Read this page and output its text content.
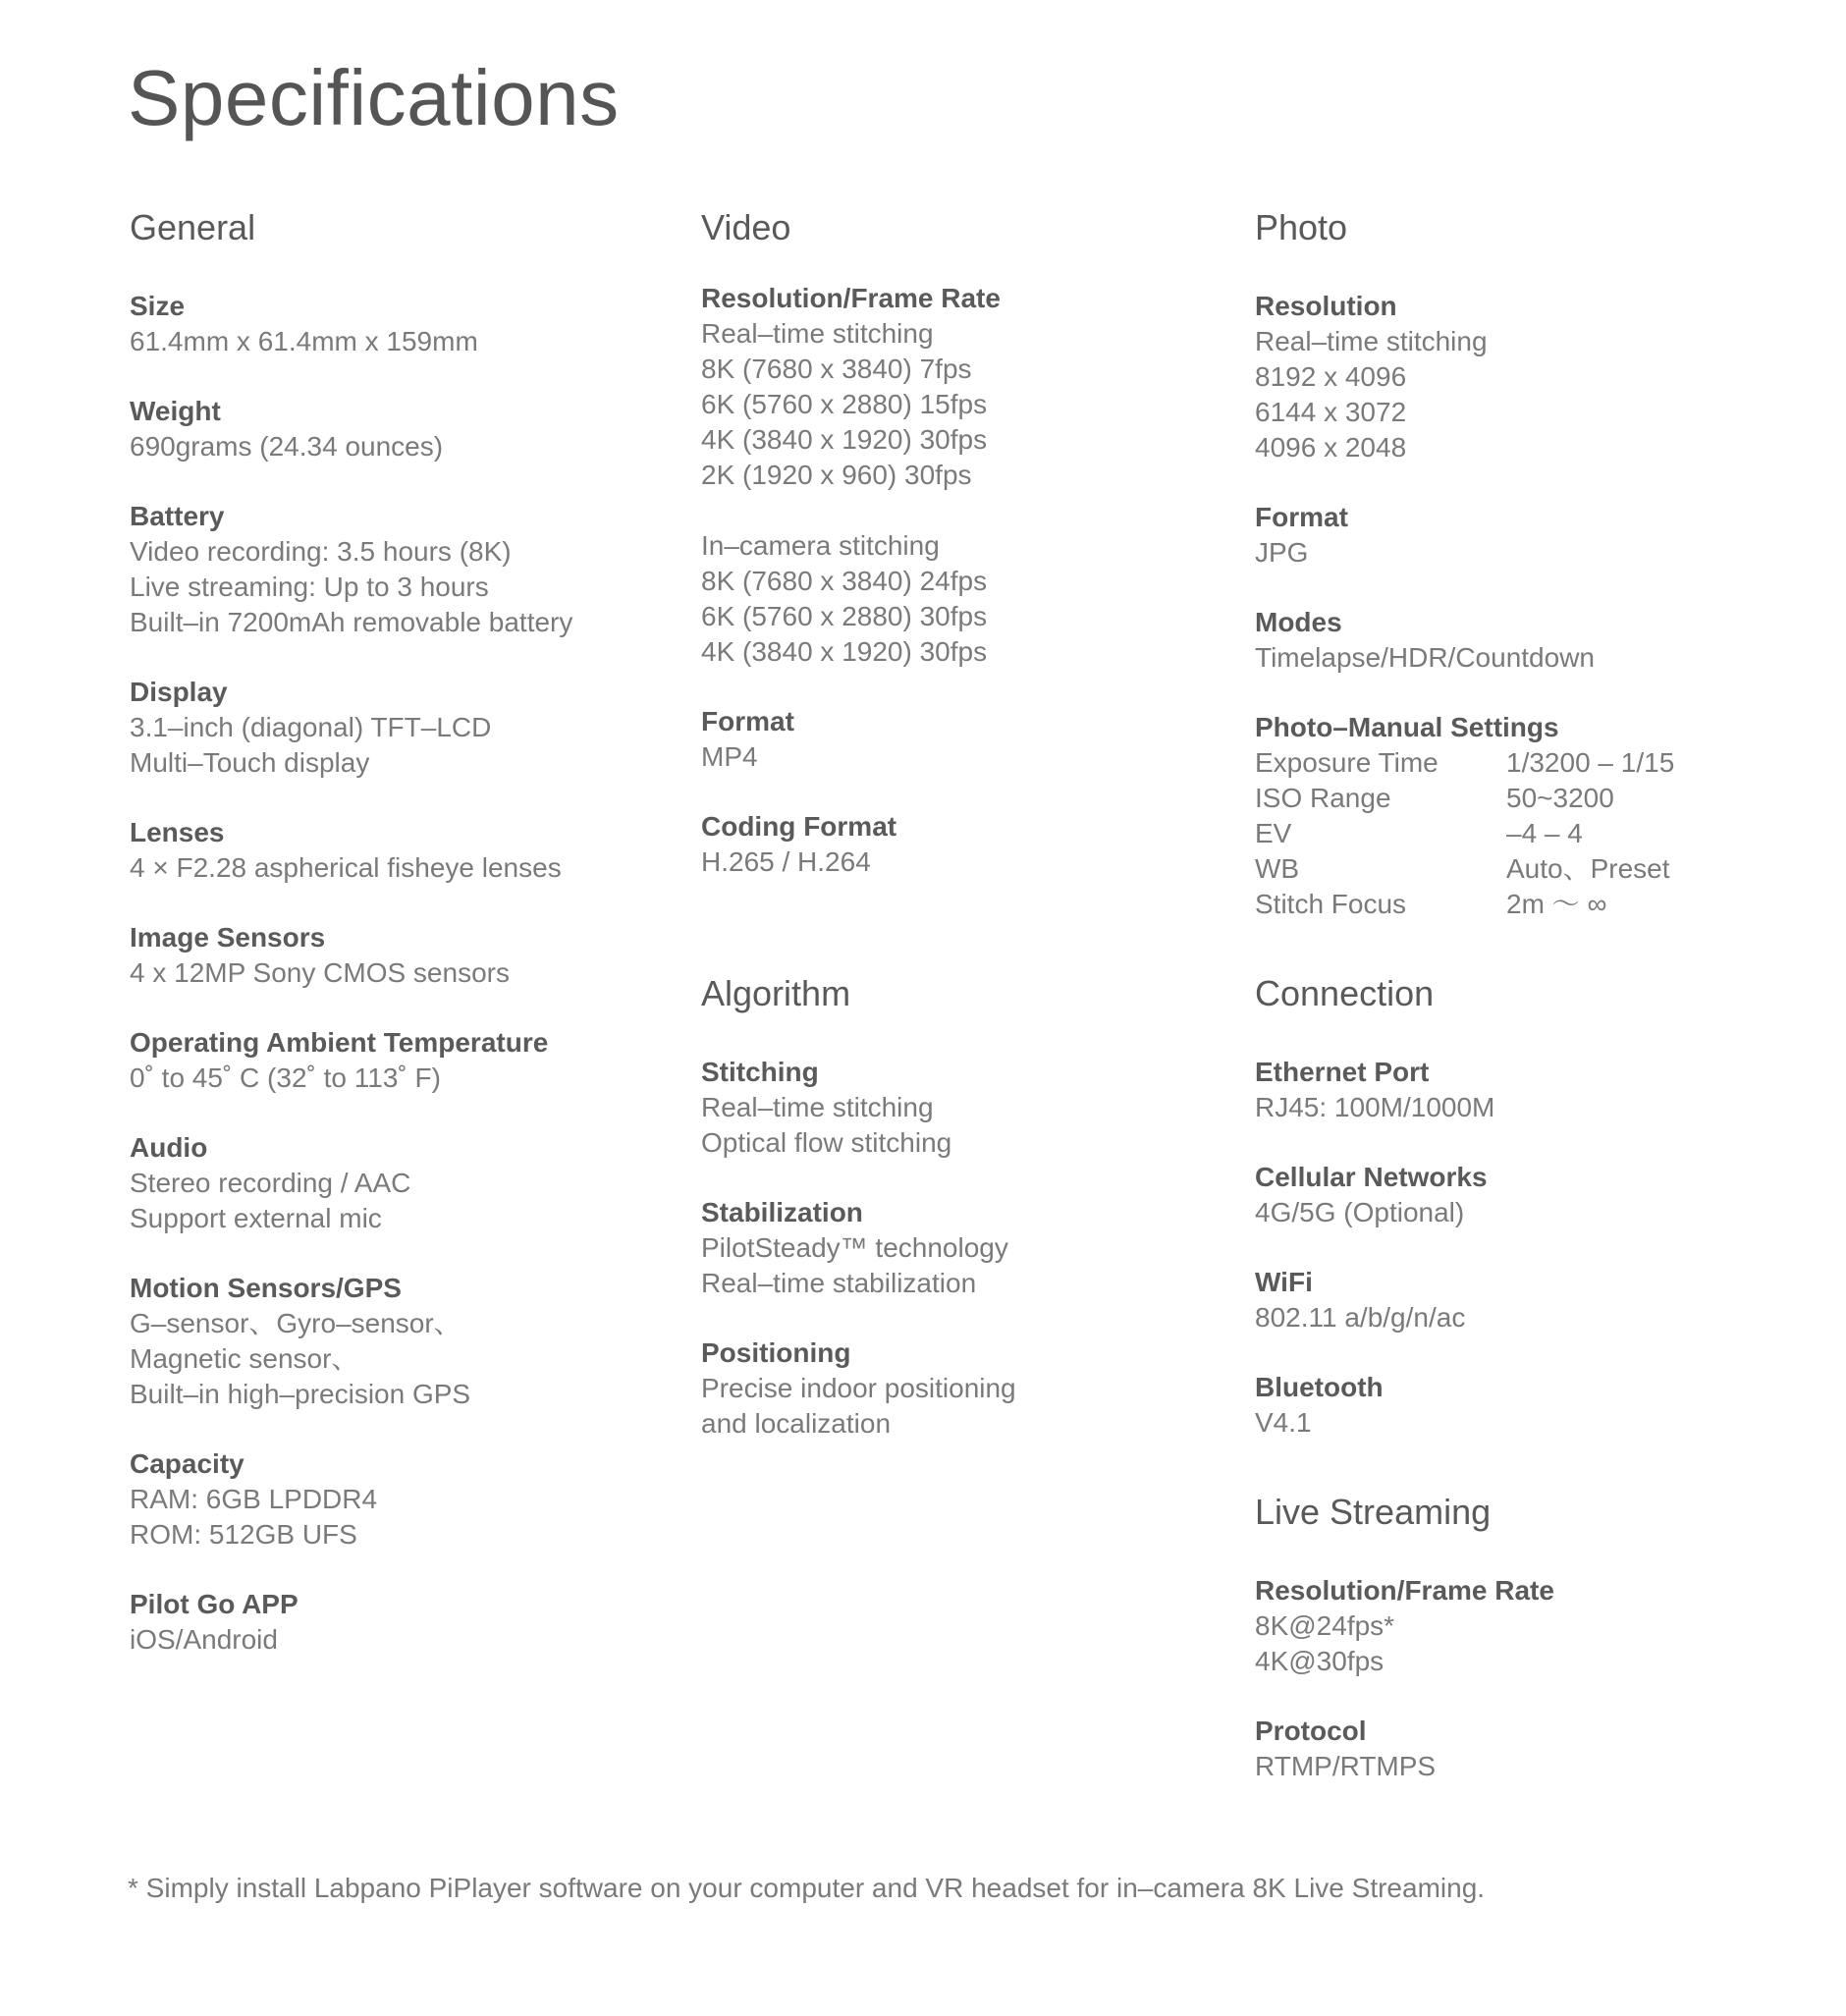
Specifications
General
Size
61.4mm x 61.4mm x 159mm
Weight
690grams (24.34 ounces)
Battery
Video recording: 3.5 hours (8K)
Live streaming: Up to 3 hours
Built–in 7200mAh removable battery
Display
3.1–inch (diagonal) TFT–LCD
Multi–Touch display
Lenses
4 × F2.28 aspherical fisheye lenses
Image Sensors
4 x 12MP Sony CMOS sensors
Operating Ambient Temperature
0˚ to 45˚ C (32˚ to 113˚ F)
Audio
Stereo recording / AAC
Support external mic
Motion Sensors/GPS
G–sensor、Gyro–sensor、
Magnetic sensor、
Built–in high–precision GPS
Capacity
RAM: 6GB LPDDR4
ROM: 512GB UFS
Pilot Go APP
iOS/Android
Video
Resolution/Frame Rate
Real–time stitching
8K (7680 x 3840) 7fps
6K (5760 x 2880) 15fps
4K (3840 x 1920) 30fps
2K (1920 x 960) 30fps
In–camera stitching
8K (7680 x 3840) 24fps
6K (5760 x 2880) 30fps
4K (3840 x 1920) 30fps
Format
MP4
Coding Format
H.265 / H.264
Algorithm
Stitching
Real–time stitching
Optical flow stitching
Stabilization
PilotSteady™ technology
Real–time stabilization
Positioning
Precise indoor positioning
and localization
Photo
Resolution
Real–time stitching
8192 x 4096
6144 x 3072
4096 x 2048
Format
JPG
Modes
Timelapse/HDR/Countdown
Photo–Manual Settings
Exposure Time	1/3200 – 1/15
ISO Range	50~3200
EV	–4 – 4
WB	Auto、Preset
Stitch Focus	2m ～ ∞
Connection
Ethernet Port
RJ45: 100M/1000M
Cellular Networks
4G/5G (Optional)
WiFi
802.11 a/b/g/n/ac
Bluetooth
V4.1
Live Streaming
Resolution/Frame Rate
8K@24fps*
4K@30fps
Protocol
RTMP/RTMPS
* Simply install Labpano PiPlayer software on your computer and VR headset for in–camera 8K Live Streaming.
